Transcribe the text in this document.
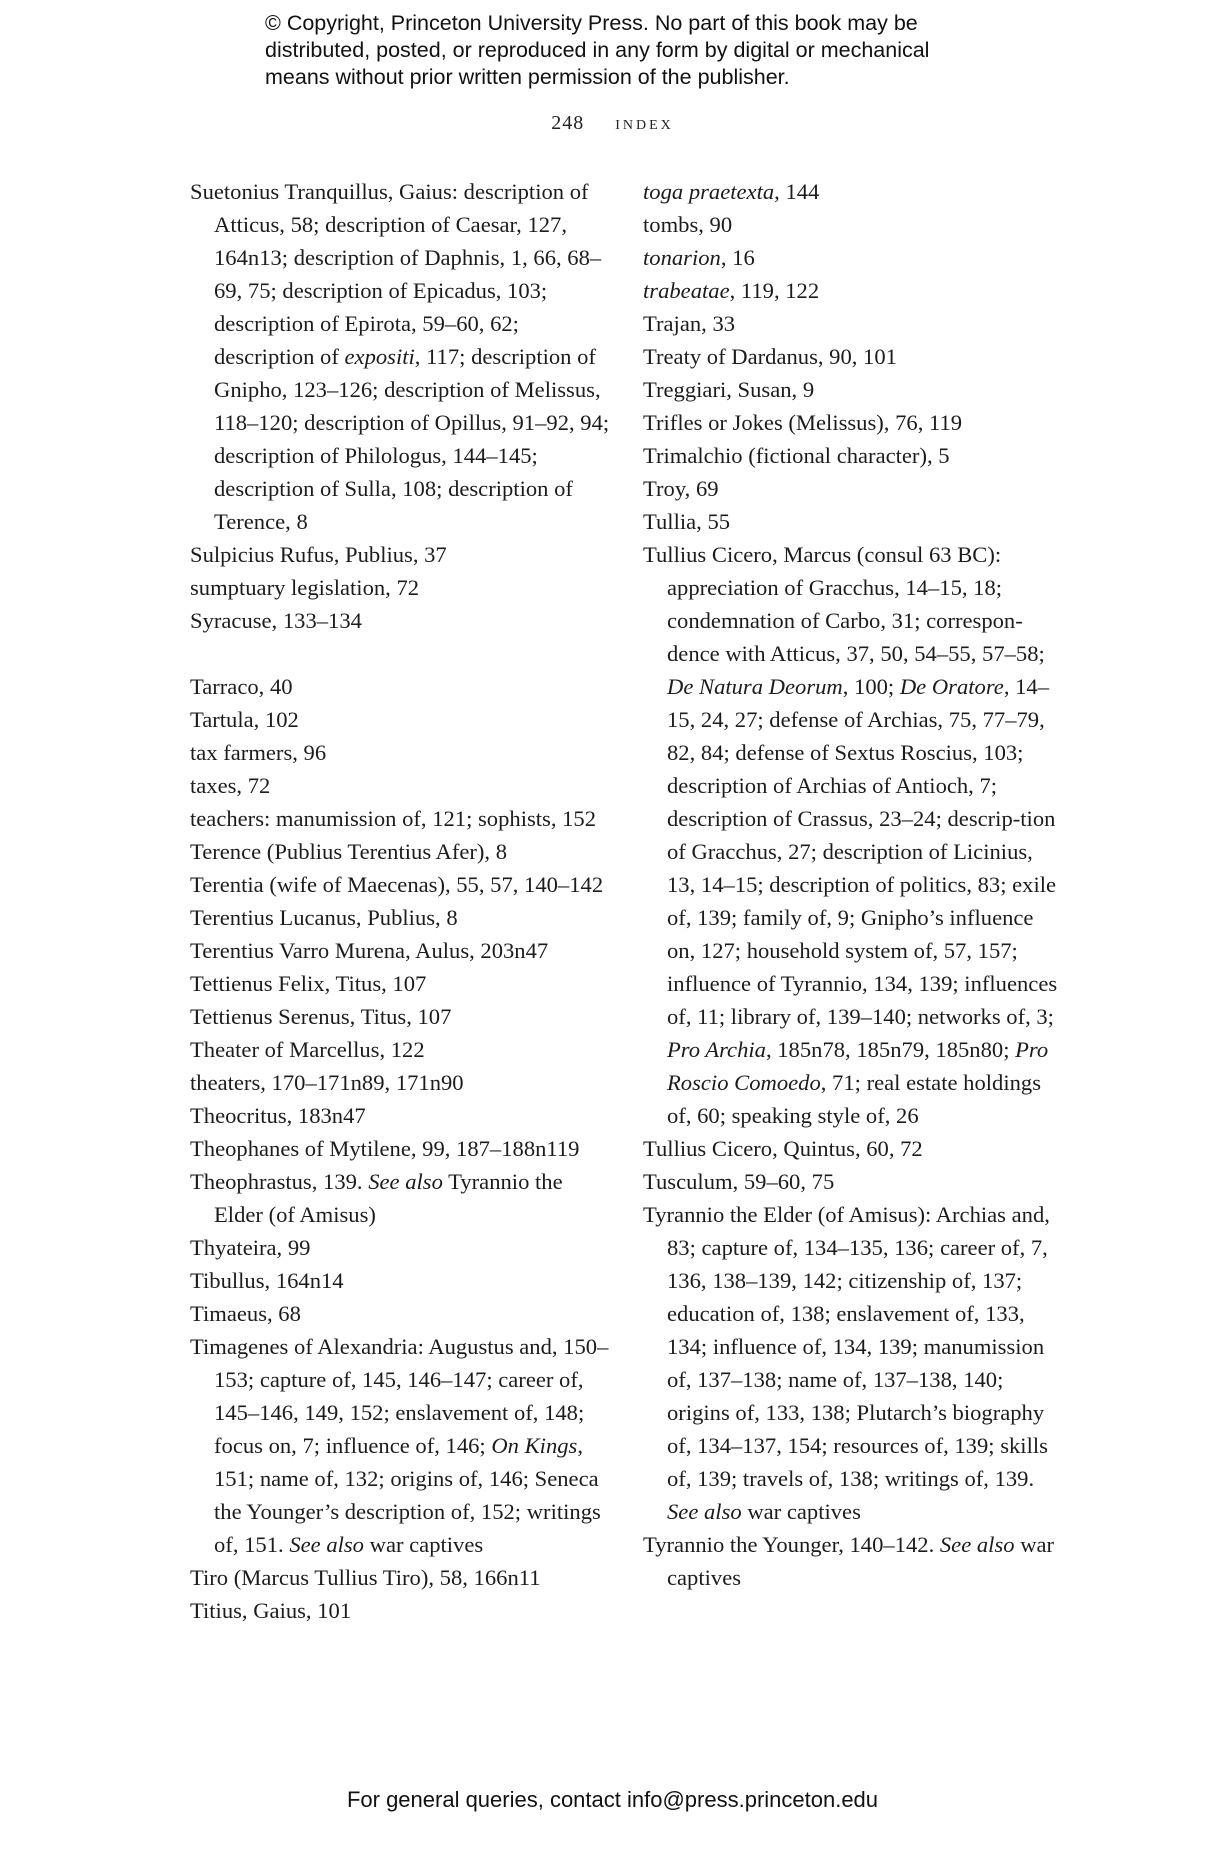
© Copyright, Princeton University Press. No part of this book may be
distributed, posted, or reproduced in any form by digital or mechanical
means without prior written permission of the publisher.
248 index
Suetonius Tranquillus, Gaius: description of Atticus, 58; description of Caesar, 127, 164n13; description of Daphnis, 1, 66, 68–69, 75; description of Epicadus, 103; description of Epirota, 59–60, 62; description of expositi, 117; description of Gnipho, 123–126; description of Melissus, 118–120; description of Opillus, 91–92, 94; description of Philologus, 144–145; description of Sulla, 108; description of Terence, 8
Sulpicius Rufus, Publius, 37
sumptuary legislation, 72
Syracuse, 133–134
Tarraco, 40
Tartula, 102
tax farmers, 96
taxes, 72
teachers: manumission of, 121; sophists, 152
Terence (Publius Terentius Afer), 8
Terentia (wife of Maecenas), 55, 57, 140–142
Terentius Lucanus, Publius, 8
Terentius Varro Murena, Aulus, 203n47
Tettienus Felix, Titus, 107
Tettienus Serenus, Titus, 107
Theater of Marcellus, 122
theaters, 170–171n89, 171n90
Theocritus, 183n47
Theophanes of Mytilene, 99, 187–188n119
Theophrastus, 139. See also Tyrannio the Elder (of Amisus)
Thyateira, 99
Tibullus, 164n14
Timaeus, 68
Timagenes of Alexandria: Augustus and, 150–153; capture of, 145, 146–147; career of, 145–146, 149, 152; enslavement of, 148; focus on, 7; influence of, 146; On Kings, 151; name of, 132; origins of, 146; Seneca the Younger’s description of, 152; writings of, 151. See also war captives
Tiro (Marcus Tullius Tiro), 58, 166n11
Titius, Gaius, 101
toga praetexta, 144
tombs, 90
tonarion, 16
trabeatae, 119, 122
Trajan, 33
Treaty of Dardanus, 90, 101
Treggiari, Susan, 9
Trifles or Jokes (Melissus), 76, 119
Trimalchio (fictional character), 5
Troy, 69
Tullia, 55
Tullius Cicero, Marcus (consul 63 BC): appreciation of Gracchus, 14–15, 18; condemnation of Carbo, 31; correspon-dence with Atticus, 37, 50, 54–55, 57–58; De Natura Deorum, 100; De Oratore, 14–15, 24, 27; defense of Archias, 75, 77–79, 82, 84; defense of Sextus Roscius, 103; description of Archias of Antioch, 7; description of Crassus, 23–24; descrip-tion of Gracchus, 27; description of Licinius, 13, 14–15; description of politics, 83; exile of, 139; family of, 9; Gnipho’s influence on, 127; household system of, 57, 157; influence of Tyrannio, 134, 139; influences of, 11; library of, 139–140; networks of, 3; Pro Archia, 185n78, 185n79, 185n80; Pro Roscio Comoedo, 71; real estate holdings of, 60; speaking style of, 26
Tullius Cicero, Quintus, 60, 72
Tusculum, 59–60, 75
Tyrannio the Elder (of Amisus): Archias and, 83; capture of, 134–135, 136; career of, 7, 136, 138–139, 142; citizenship of, 137; education of, 138; enslavement of, 133, 134; influence of, 134, 139; manumission of, 137–138; name of, 137–138, 140; origins of, 133, 138; Plutarch’s biography of, 134–137, 154; resources of, 139; skills of, 139; travels of, 138; writings of, 139. See also war captives
Tyrannio the Younger, 140–142. See also war captives
For general queries, contact info@press.princeton.edu
